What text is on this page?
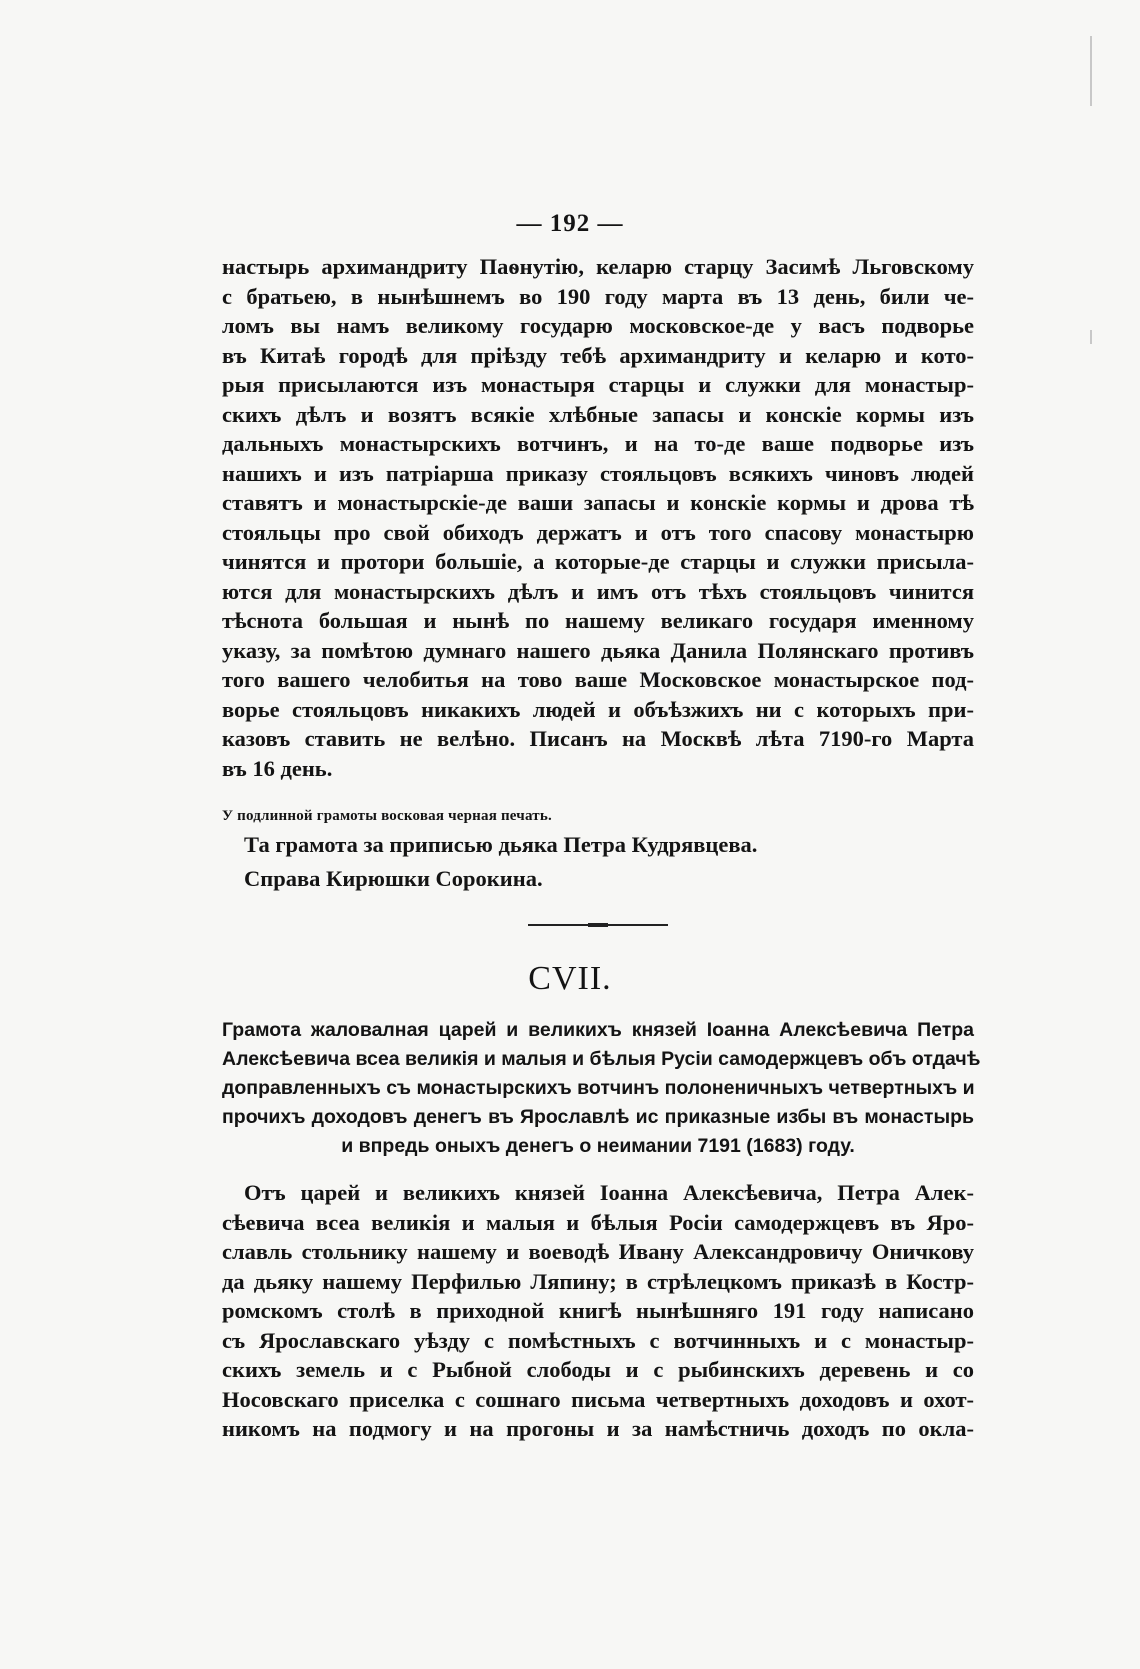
— 192 —

настырь архимандриту Паѳнутію, келарю старцу Засимѣ Льговскому
с братьею, в нынѣшнемъ во 190 году марта въ 13 день, били че-
ломъ вы намъ великому государю московское-де у васъ подворье
въ Китаѣ городѣ для пріѣзду тебѣ архимандриту и келарю и кото-
рыя присылаются изъ монастыря старцы и служки для монастыр-
скихъ дѣлъ и возятъ всякіе хлѣбные запасы и конскіе кормы изъ
дальныхъ монастырскихъ вотчинъ, и на то-де ваше подворье изъ
нашихъ и изъ патріарша приказу стояльцовъ всякихъ чиновъ людей
ставятъ и монастырскіе-де ваши запасы и конскіе кормы и дрова тѣ
стояльцы про свой обиходъ держатъ и отъ того спасову монастырю
чинятся и протори большіе, а которые-де старцы и служки присыла-
ются для монастырскихъ дѣлъ и имъ отъ тѣхъ стояльцовъ чинится
тѣснота большая и нынѣ по нашему великаго государя именному
указу, за помѣтою думнаго нашего дьяка Данила Полянскаго противъ
того вашего челобитья на тово ваше Московское монастырское под-
ворье стояльцовъ никакихъ людей и объѣзжихъ ни с которыхъ при-
казовъ ставить не велѣно. Писанъ на Москвѣ лѣта 7190-го Марта
въ 16 день.

У подлинной грамоты восковая черная печать.
Та грамота за приписью дьяка Петра Кудрявцева.
Справа Кирюшки Сорокина.
CVII.
Грамота жаловалная царей и великихъ князей Іоанна Алексѣевича Петра
Алексѣевича всеа великія и малыя и бѣлыя Русіи самодержцевъ объ отдачѣ
доправленныхъ съ монастырскихъ вотчинъ полоненичныхъ четвертныхъ и
прочихъ доходовъ денегъ въ Ярославлѣ ис приказные избы въ монастырь
и впредь оныхъ денегъ о неимании 7191 (1683) году.

Отъ царей и великихъ князей Іоанна Алексѣевича, Петра Алек-
сѣевича всеа великія и малыя и бѣлыя Росіи самодержцевъ въ Яро-
славль стольнику нашему и воеводѣ Ивану Александровичу Оничкову
да дьяку нашему Перфилью Ляпину; в стрѣлецкомъ приказѣ в Костр-
ромскомъ столѣ в приходной книгѣ нынѣшняго 191 году написано
съ Ярославскаго уѣзду с помѣстныхъ с вотчинныхъ и с монастыр-
скихъ земель и с Рыбной слободы и с рыбинскихъ деревень и со
Носовскаго приселка с сошнаго письма четвертныхъ доходовъ и охот-
никомъ на подмогу и на прогоны и за намѣстничь доходъ по окла-
